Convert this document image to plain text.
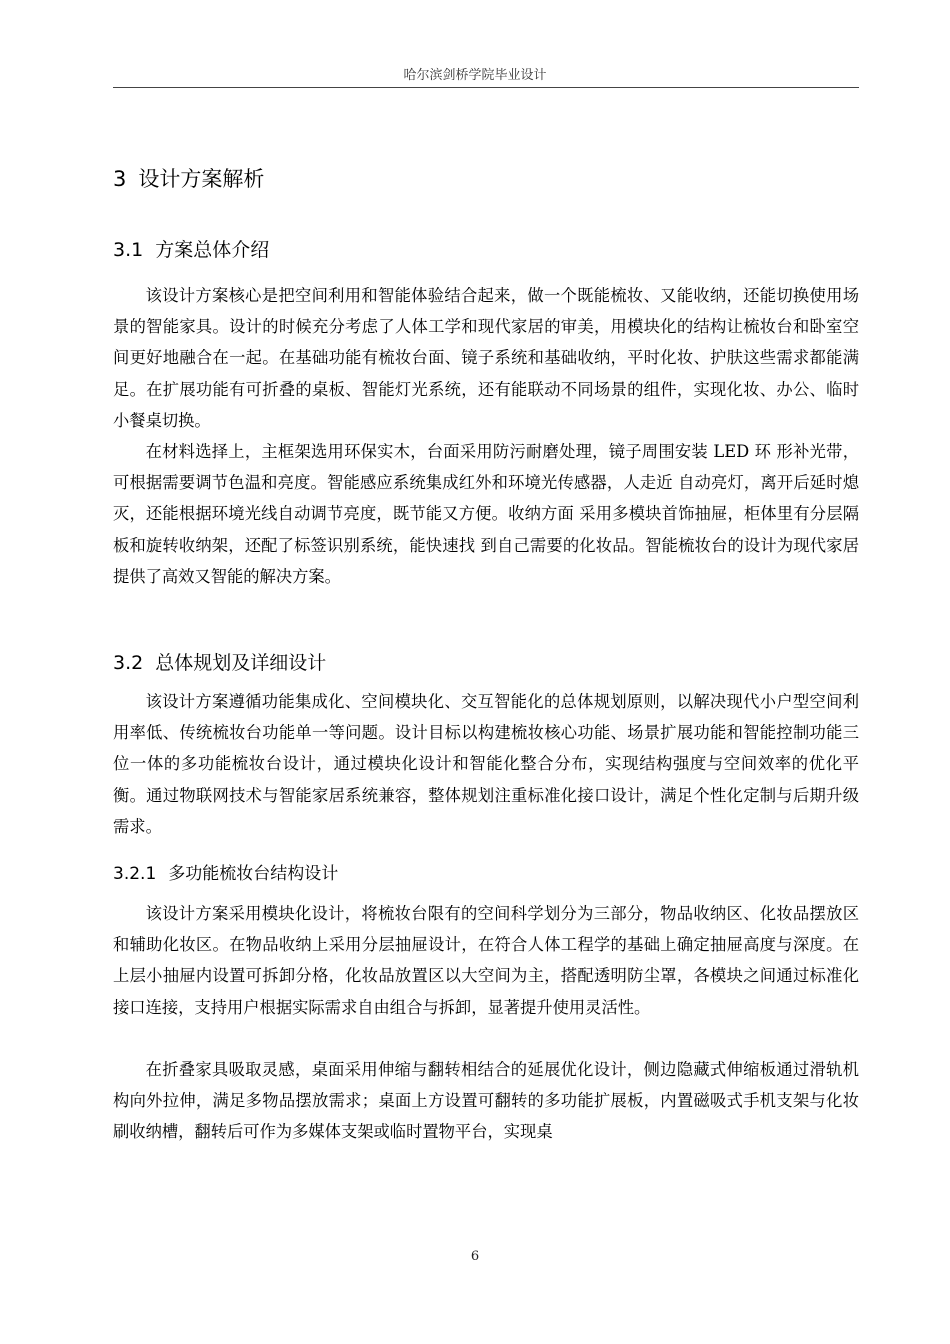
哈尔滨剑桥学院毕业设计
3 设计方案解析
3.1 方案总体介绍

该设计方案核心是把空间利用和智能体验结合起来，做一个既能梳妆、又能收纳，还能切换使用场景的智能家具。设计的时候充分考虑了人体工学和现代家居的审美，用模块化的结构让梳妆台和卧室空间更好地融合在一起。在基础功能有梳妆台面、镜子系统和基础收纳，平时化妆、护肤这些需求都能满足。在扩展功能有可折叠的桌板、智能灯光系统，还有能联动不同场景的组件，实现化妆、办公、临时小餐桌切换。

在材料选择上，主框架选用环保实木，台面采用防污耐磨处理，镜子周围安装 LED 环 形补光带，可根据需要调节色温和亮度。智能感应系统集成红外和环境光传感器，人走近 自动亮灯，离开后延时熄灭，还能根据环境光线自动调节亮度，既节能又方便。收纳方面 采用多模块首饰抽屉，柜体里有分层隔板和旋转收纳架，还配了标签识别系统，能快速找 到自己需要的化妆品。智能梳妆台的设计为现代家居提供了高效又智能的解决方案。

3.2 总体规划及详细设计

该设计方案遵循功能集成化、空间模块化、交互智能化的总体规划原则，以解决现代小户型空间利用率低、传统梳妆台功能单一等问题。设计目标以构建梳妆核心功能、场景扩展功能和智能控制功能三位一体的多功能梳妆台设计，通过模块化设计和智能化整合分布，实现结构强度与空间效率的优化平衡。通过物联网技术与智能家居系统兼容，整体规划注重标准化接口设计，满足个性化定制与后期升级需求。

3.2.1 多功能梳妆台结构设计

该设计方案采用模块化设计，将梳妆台限有的空间科学划分为三部分，物品收纳区、化妆品摆放区和辅助化妆区。在物品收纳上采用分层抽屉设计，在符合人体工程学的基础上确定抽屉高度与深度。在上层小抽屉内设置可拆卸分格，化妆品放置区以大空间为主，搭配透明防尘罩，各模块之间通过标准化接口连接，支持用户根据实际需求自由组合与拆卸，显著提升使用灵活性。

在折叠家具吸取灵感，桌面采用伸缩与翻转相结合的延展优化设计，侧边隐藏式伸缩板通过滑轨机构向外拉伸，满足多物品摆放需求；桌面上方设置可翻转的多功能扩展板，内置磁吸式手机支架与化妆刷收纳槽，翻转后可作为多媒体支架或临时置物平台，实现桌

6
